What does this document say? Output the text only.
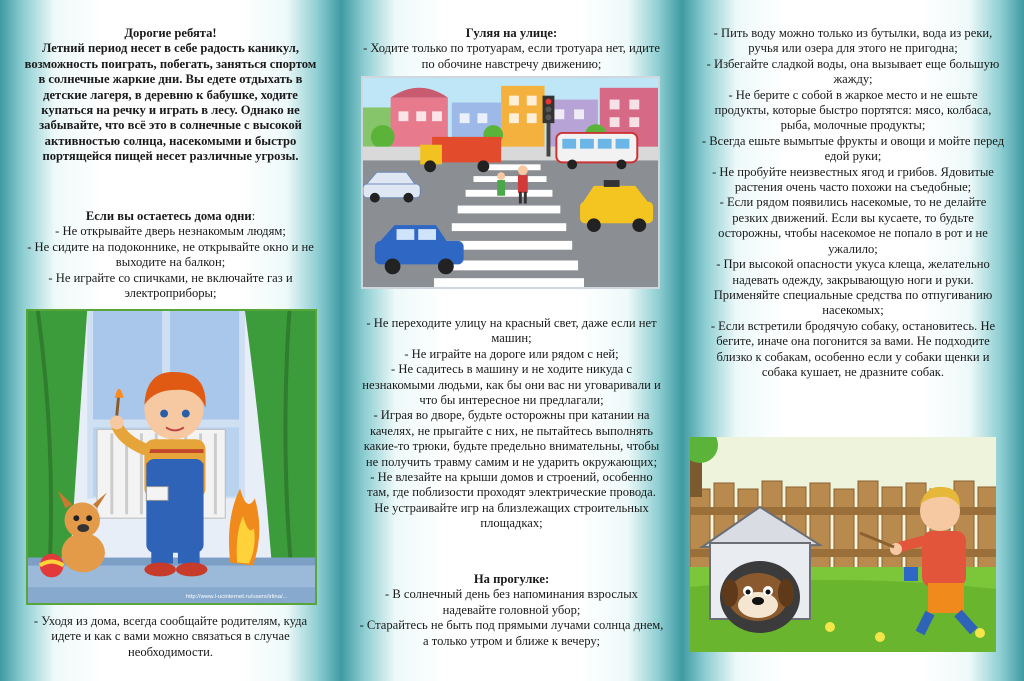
Дорогие ребята!
Летний период несет в себе радость каникул, возможность поиграть, побегать, заняться спортом в солнечные жаркие дни. Вы едете отдыхать в детские лагеря, в деревню к бабушке, ходите купаться на речку и играть в лесу. Однако не забывайте, что всё это в солнечные с высокой активностью солнца, насекомыми и быстро портящейся пищей несет различные угрозы.
Если вы остаетесь дома одни:
- Не открывайте дверь незнакомым людям;
- Не сидите на подоконнике, не открывайте окно и не выходите на балкон;
- Не играйте со спичками, не включайте газ и электроприборы;
http://www.l-ucinternet.ru/users/irlina/...
- Уходя из дома, всегда сообщайте родителям, куда идете и как с вами можно связаться в случае необходимости.
Гуляя на улице:
- Ходите только по тротуарам, если тротуара нет, идите по обочине навстречу движению;
- Не переходите улицу на красный свет, даже если нет машин;
- Не играйте на дороге или рядом с ней;
- Не садитесь в машину и не ходите никуда с незнакомыми людьми, как бы они вас ни уговаривали и что бы интересное ни предлагали;
- Играя во дворе, будьте осторожны при катании на качелях, не прыгайте с них, не пытайтесь выполнять какие-то трюки, будьте предельно внимательны, чтобы не получить травму самим и не ударить окружающих;
- Не влезайте на крыши домов и строений, особенно там, где поблизости проходят электрические провода. Не устраивайте игр на близлежащих строительных площадках;
На прогулке:
- В солнечный день без напоминания взрослых надевайте головной убор;
- Старайтесь не быть под прямыми лучами солнца днем, а только утром и ближе к вечеру;
- Пить воду можно только из бутылки, вода из реки, ручья или озера для этого не пригодна;
- Избегайте сладкой воды, она вызывает еще большую жажду;
- Не берите с собой в жаркое место и не ешьте продукты, которые быстро портятся: мясо, колбаса, рыба, молочные продукты;
- Всегда ешьте вымытые фрукты и овощи и мойте перед едой руки;
- Не пробуйте неизвестных ягод и грибов. Ядовитые растения очень часто похожи на съедобные;
- Если рядом появились насекомые, то не делайте резких движений. Если вы кусаете, то будьте осторожны, чтобы насекомое не попало в рот и не ужалило;
- При высокой опасности укуса клеща, желательно надевать одежду, закрывающую ноги и руки. Применяйте специальные средства по отпугиванию насекомых;
- Если встретили бродячую собаку, остановитесь. Не бегите, иначе она погонится за вами. Не подходите близко к собакам, особенно если у собаки щенки и собака кушает, не дразните собак.
